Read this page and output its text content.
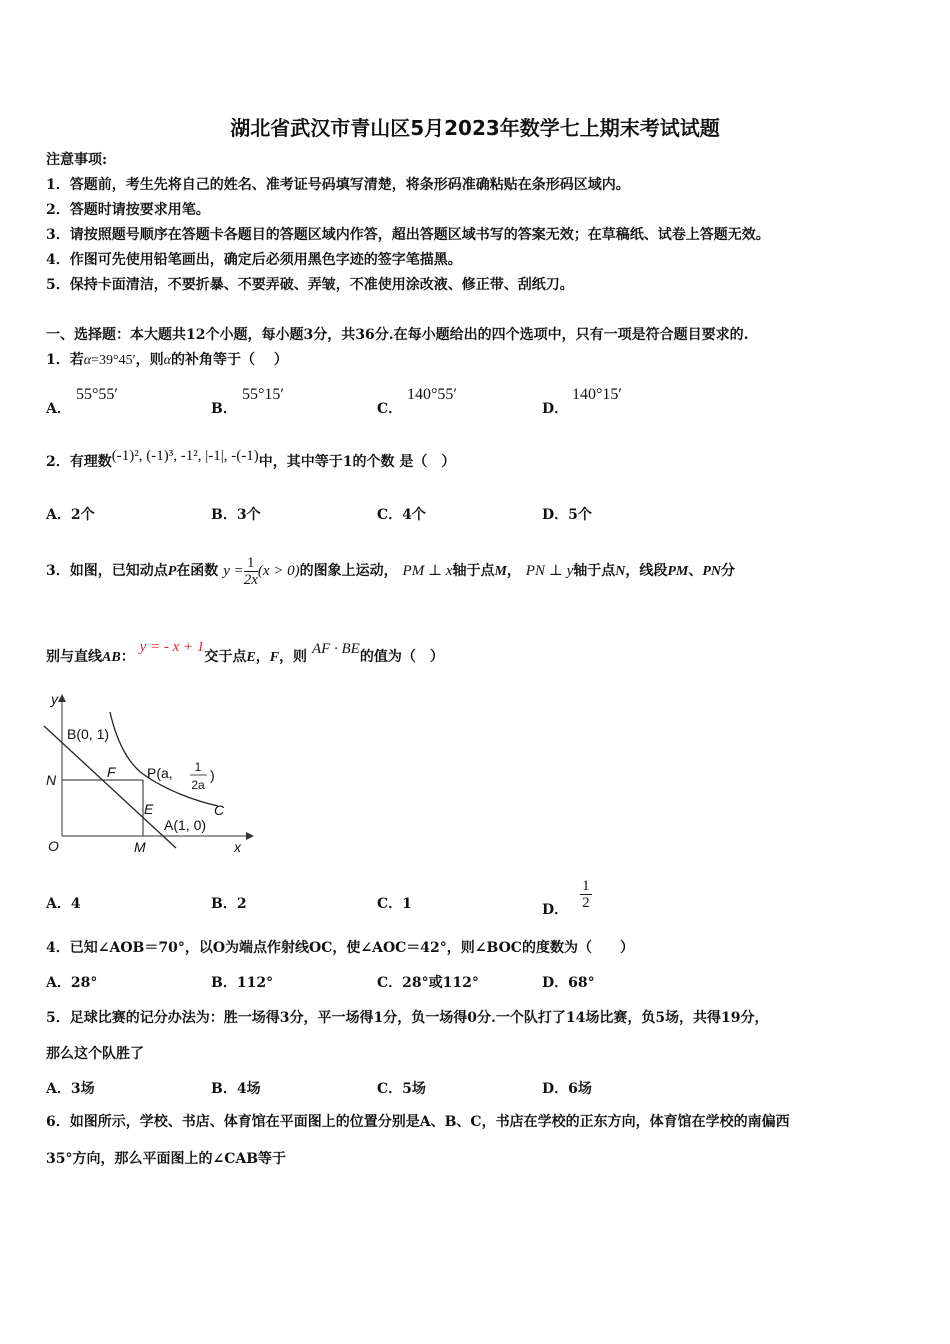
湖北省武汉市青山区5月2023年数学七上期末考试试题
注意事项:
1．答题前，考生先将自己的姓名、准考证号码填写清楚，将条形码准确粘贴在条形码区域内。
2．答题时请按要求用笔。
3．请按照题号顺序在答题卡各题目的答题区域内作答，超出答题区域书写的答案无效；在草稿纸、试卷上答题无效。
4．作图可先使用铅笔画出，确定后必须用黑色字迹的签字笔描黑。
5．保持卡面清洁，不要折暴、不要弄破、弄皱，不准使用涂改液、修正带、刮纸刀。
一、选择题：本大题共12个小题，每小题3分，共36分.在每小题给出的四个选项中，只有一项是符合题目要求的.
1．若α=39°45′，则α的补角等于（　 ）
A．
55°55′
B．
55°15′
C．
140°55′
D．
140°15′
2．有理数(-1)², (-1)³, -1², |-1|, -(-1)中，其中等于1的个数 是（　）
A．2个	B．3个	C．4个	D．5个
3．如图，已知动点P在函数 $y = \frac{1}{2x} (x > 0)$的图象上运动， PM ⊥ x轴于点M， PN ⊥ y轴于点N，线段PM、PN分
别与直线AB： y = - x + 1交于点E，F，则 AF · BE的值为（　）
y
x
O
B(0, 1)
N	F P(a, 1
2a
)
E	C
A(1, 0)
M
A．4	B．2	C．1	D． $\frac{1}{2}$
4．已知∠AOB＝70°，以O为端点作射线OC，使∠AOC＝42°，则∠BOC的度数为（　　）
A．28°	B．112°	C．28°或112°	D．68°
5．足球比赛的记分办法为：胜一场得3分，平一场得1分，负一场得0分.一个队打了14场比赛，负5场，共得19分，
那么这个队胜了
A．3场	B．4场	C．5场	D．6场
6．如图所示，学校、书店、体育馆在平面图上的位置分别是A、B、C，书店在学校的正东方向，体育馆在学校的南偏西
35°方向，那么平面图上的∠CAB等于
